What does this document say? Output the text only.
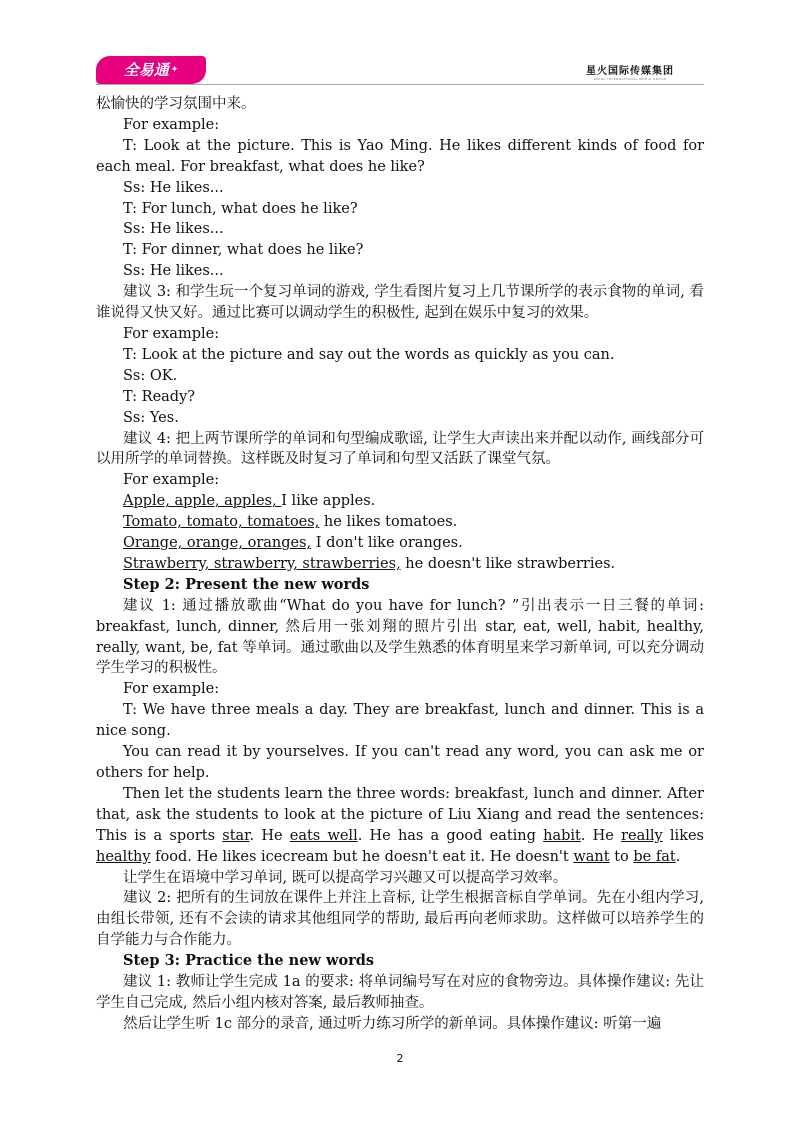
全易通 ✦	星火国际传媒集团
SPARK INTERNATIONAL MEDIA GROUP

松愉快的学习氛围中来。

For example:

T: Look at the picture. This is Yao Ming. He likes different kinds of food for each meal. For breakfast, what does he like?

Ss: He likes...

T: For lunch, what does he like?

Ss: He likes...

T: For dinner, what does he like?

Ss: He likes...

建议 3: 和学生玩一个复习单词的游戏, 学生看图片复习上几节课所学的表示食物的单词, 看谁说得又快又好。通过比赛可以调动学生的积极性, 起到在娱乐中复习的效果。

For example:

T: Look at the picture and say out the words as quickly as you can.

Ss: OK.

T: Ready?

Ss: Yes.

建议 4: 把上两节课所学的单词和句型编成歌谣, 让学生大声读出来并配以动作, 画线部分可以用所学的单词替换。这样既及时复习了单词和句型又活跃了课堂气氛。

For example:

Apple, apple, apples, I like apples.

Tomato, tomato, tomatoes, he likes tomatoes.

Orange, orange, oranges, I don't like oranges.

Strawberry, strawberry, strawberries, he doesn't like strawberries.

Step 2: Present the new words

建议 1: 通过播放歌曲“What do you have for lunch? ”引出表示一日三餐的单词: breakfast, lunch, dinner, 然后用一张刘翔的照片引出 star, eat, well, habit, healthy, really, want, be, fat 等单词。通过歌曲以及学生熟悉的体育明星来学习新单词, 可以充分调动学生学习的积极性。

For example:

T: We have three meals a day. They are breakfast, lunch and dinner. This is a nice song.

You can read it by yourselves. If you can't read any word, you can ask me or others for help.

Then let the students learn the three words: breakfast, lunch and dinner. After that, ask the students to look at the picture of Liu Xiang and read the sentences: This is a sports star. He eats well. He has a good eating habit. He really likes healthy food. He likes icecream but he doesn't eat it. He doesn't want to be fat.

让学生在语境中学习单词, 既可以提高学习兴趣又可以提高学习效率。

建议 2: 把所有的生词放在课件上并注上音标, 让学生根据音标自学单词。先在小组内学习, 由组长带领, 还有不会读的请求其他组同学的帮助, 最后再向老师求助。这样做可以培养学生的自学能力与合作能力。

Step 3: Practice the new words

建议 1: 教师让学生完成 1a 的要求: 将单词编号写在对应的食物旁边。具体操作建议: 先让学生自己完成, 然后小组内核对答案, 最后教师抽查。

然后让学生听 1c 部分的录音, 通过听力练习所学的新单词。具体操作建议: 听第一遍

2
